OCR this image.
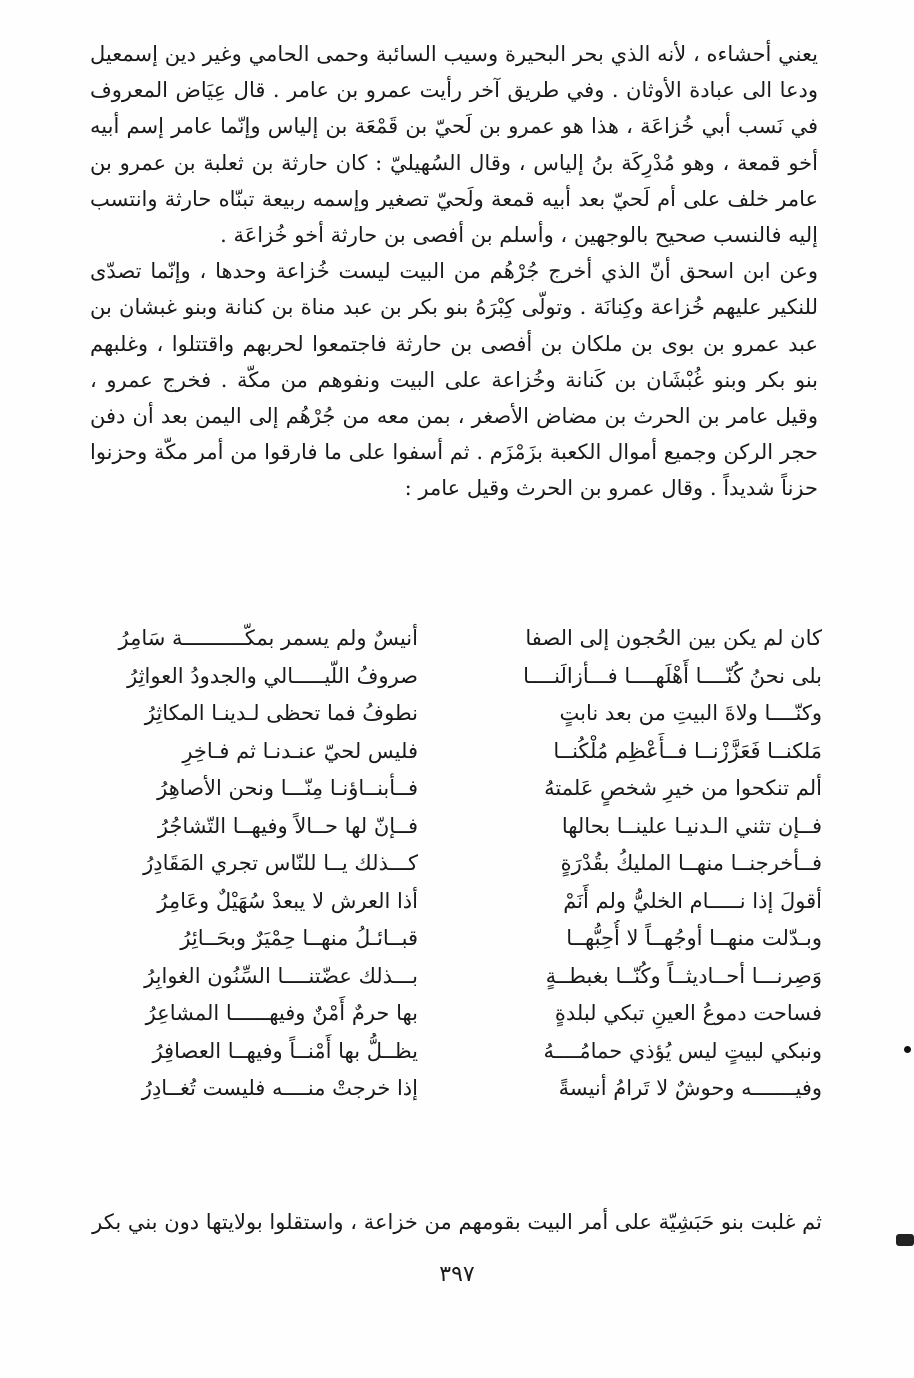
يعني أحشاءه ، لأنه الذي بحر البحيرة وسيب السائبة وحمى الحامي وغير دين إسمعيل ودعا الى عبادة الأوثان . وفي طريق آخر رأيت عمرو بن عامر . قال عِيَاض المعروف في نَسب أبي خُزاعَة ، هذا هو عمرو بن لَحيّ بن قَمْعَة بن إلياس وإنّما عامر إسم أبيه أخو قمعة ، وهو مُدْرِكَة بنُ إلياس ، وقال السُهيليّ : كان حارثة بن ثعلبة بن عمرو بن عامر خلف على أم لَحيّ بعد أبيه قمعة ولَحيّ تصغير وإسمه ربيعة تبنّاه حارثة وانتسب إليه فالنسب صحيح بالوجهين ، وأسلم بن أفصى بن حارثة أخو خُزاعَة .

وعن ابن اسحق أنّ الذي أخرج جُرْهُم من البيت ليست خُزاعة وحدها ، وإنّما تصدّى للنكير عليهم خُزاعة وكِنانَة . وتولّى كِبْرَهُ بنو بكر بن عبد مناة بن كنانة وبنو غبشان بن عبد عمرو بن بوى بن ملكان بن أفصى بن حارثة فاجتمعوا لحربهم واقتتلوا ، وغلبهم بنو بكر وبنو غُبْشَان بن كَنانة وخُزاعة على البيت ونفوهم من مكّة . فخرج عمرو ، وقيل عامر بن الحرث بن مضاض الأصغر ، بمن معه من جُرْهُم إلى اليمن بعد أن دفن حجر الركن وجميع أموال الكعبة بزَمْزَم . ثم أسفوا على ما فارقوا من أمر مكّة وحزنوا حزناً شديداً . وقال عمرو بن الحرث وقيل عامر :

كان لم يكن بين الحُجون إلى الصفا
أنيسٌ ولم يسمر بمكّــــــــــة سَامِرُ
بلى نحنُ كُنّــــا أَهْلَهــــا فـــأزالَنــــا
صروفُ اللّيـــــالي والجدودُ العواثِرُ
وكنّــــا ولاةَ البيتِ من بعد نابتٍ
نطوفُ فما تحظى لـدينـا المكاثِرُ
مَلكنــا فَعَزَّزْنــا فــأَعْظِم مُلْكُنــا
فليس لحيّ عنـدنـا ثم فـاخِرِ
ألم تنكحوا من خيرِ شخصٍ عَلمتهُ
فــأبنــاؤنـا مِنّـــا ونحن الأصاهِرُ
فــإن تثني الـدنيـا علينــا بحالها
فــإنّ لها حــالاً وفيهــا التّشاجُرُ
فــأخرجنــا منهــا المليكُ بقُدْرَةٍ
كـــذلك يــا للنّاس تجري المَقَادِرُ
أقولَ إذا نـــــام الخليُّ ولم أَنَمْ
أذا العرش لا يبعدْ سُهَيْلٌ وعَامِرُ
وبـدّلت منهــا أوجُهــاً لا أُحِبُّهــا
قبــائـلُ منهــا حِمْيَرٌ وبحَــائِرُ
وَصِرنـــا أحــاديثــاً وكُنّــا بغبطــةٍ
بـــذلك عضّتنــــا السِّنُون الغوابِرُ
فساحت دموعُ العينِ تبكي لبلدةٍ
بها حرمٌ أَمْنٌ وفيهــــــا المشاعِرُ
ونبكي لبيتٍ ليس يُؤذي حمامُــــهُ
يظــلُّ بها أَمْنــاً وفيهــا العصافِرُ
وفيـــــــه وحوشٌ لا تَرامُ أنيسةً
إذا خرجتْ منــــه فليست تُغــادِرُ
ثم غلبت بنو حَبَشِيّة على أمر البيت بقومهم من خزاعة ، واستقلوا بولايتها دون بني بكر
٣٩٧
